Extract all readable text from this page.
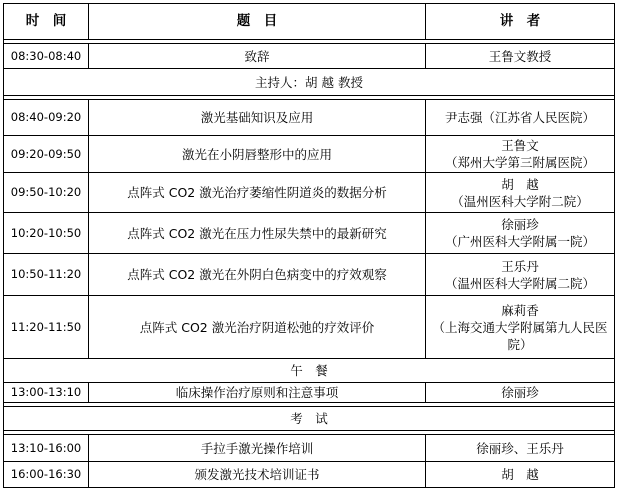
时　间	题　目	讲　者

08:30-08:40	致辞	王鲁文教授
主持人：胡 越 教授		

08:40-09:20	激光基础知识及应用	尹志强（江苏省人民医院）
09:20-09:50	激光在小阴唇整形中的应用	王鲁文
（郑州大学第三附属医院）

09:50-10:20	点阵式 CO2 激光治疗萎缩性阴道炎的数据分析	胡　越
（温州医科大学附二院）

10:20-10:50	点阵式 CO2 激光在压力性尿失禁中的最新研究	徐丽珍
（广州医科大学附属一院）

10:50-11:20	点阵式 CO2 激光在外阴白色病变中的疗效观察	王乐丹
（温州医科大学附属二院）

11:20-11:50	点阵式 CO2 激光治疗阴道松弛的疗效评价	麻莉香
（上海交通大学附属第九人民医院）

午　餐		
13:00-13:10	临床操作治疗原则和注意事项	徐丽珍

考　试		

13:10-16:00	手拉手激光操作培训	徐丽珍、王乐丹
16:00-16:30	颁发激光技术培训证书	胡　越
